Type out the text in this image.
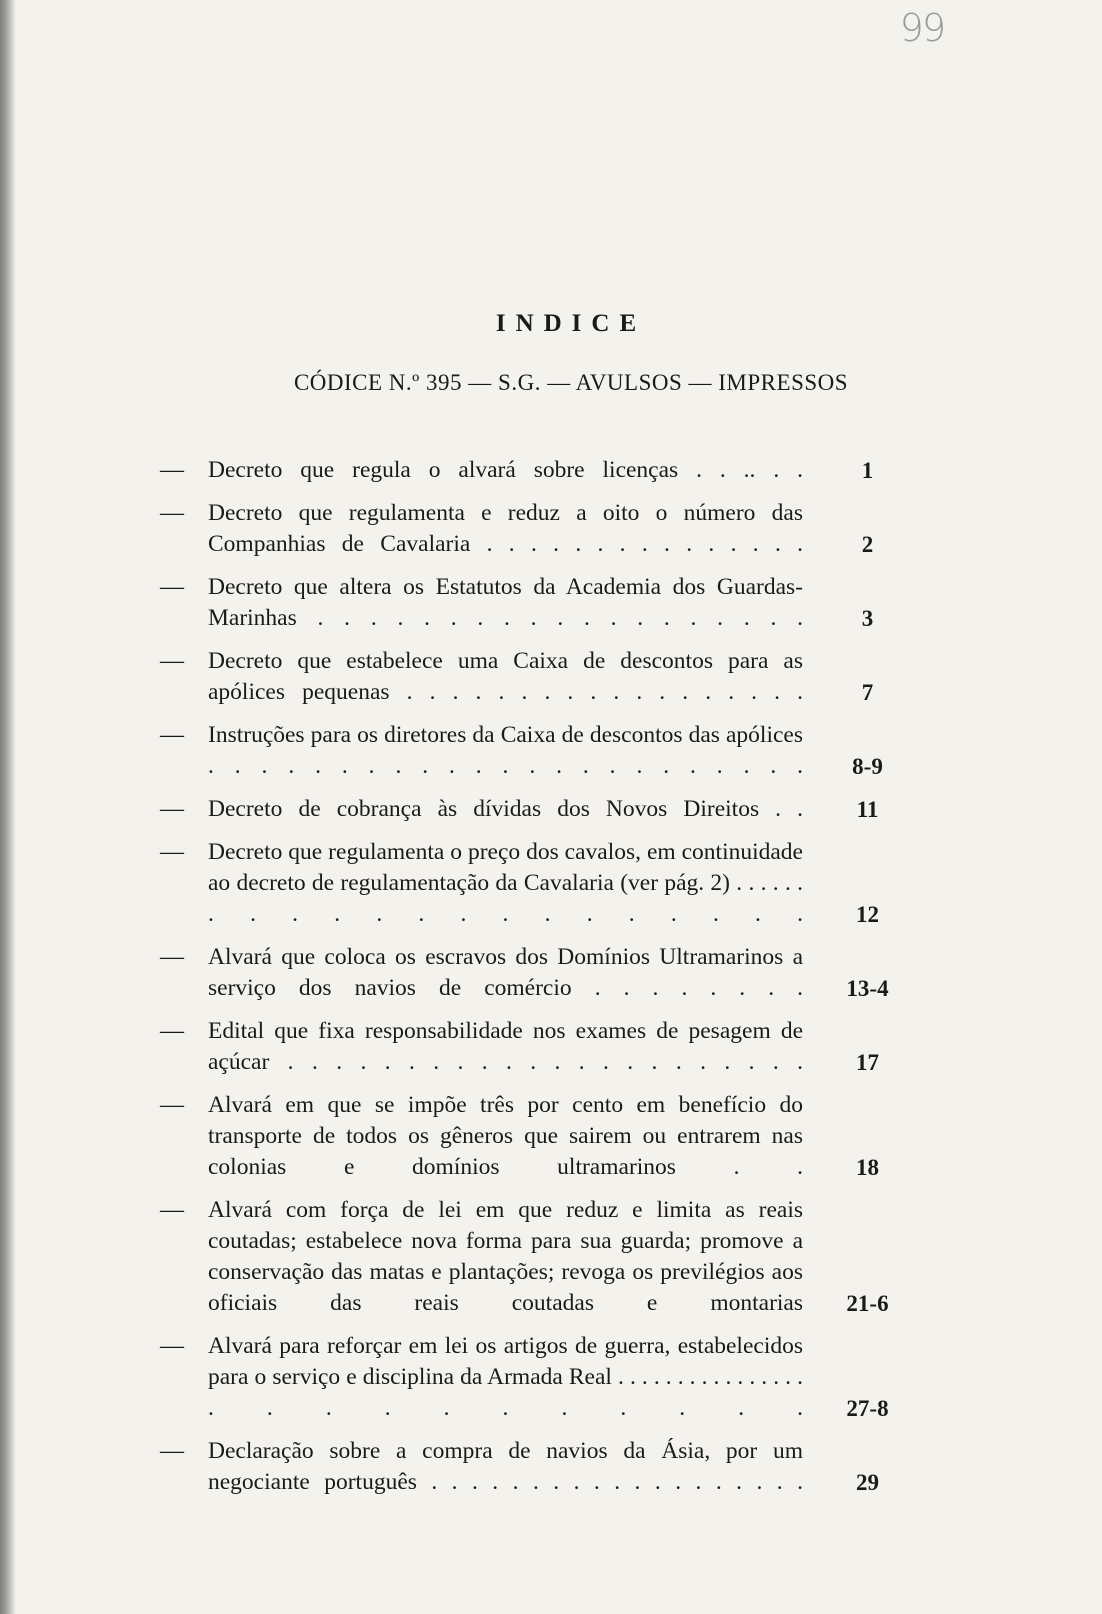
99
INDICE
CÓDICE N.º 395 — S.G. — AVULSOS — IMPRESSOS
—	Decreto que regula o alvará sobre licenças . . .. . .	1
—	Decreto que regulamenta e reduz a oito o número das Companhias de Cavalaria . . . . . . . . . . . . . . .	2
—	Decreto que altera os Estatutos da Academia dos Guardas-Marinhas . . . . . . . . . . . . . . . . . . .	3
—	Decreto que estabelece uma Caixa de descontos para as apólices pequenas . . . . . . . . . . . . . . . . . .	7
—	Instruções para os diretores da Caixa de descontos das apólices . . . . . . . . . . . . . . . . . . . . . . .	8-9
—	Decreto de cobrança às dívidas dos Novos Direitos . .	11
—	Decreto que regulamenta o preço dos cavalos, em continuidade ao decreto de regulamentação da Cavalaria (ver pág. 2) . . . . . . . . . . . . . . . . . . . . .	12
—	Alvará que coloca os escravos dos Domínios Ultramarinos a serviço dos navios de comércio . . . . . . . .	13-4
—	Edital que fixa responsabilidade nos exames de pesagem de açúcar . . . . . . . . . . . . . . . . . . . . . .	17
—	Alvará em que se impõe três por cento em benefício do transporte de todos os gêneros que sairem ou entrarem nas colonias e domínios ultramarinos . .	18
—	Alvará com força de lei em que reduz e limita as reais coutadas; estabelece nova forma para sua guarda; promove a conservação das matas e plantações; revoga os previlégios aos oficiais das reais coutadas e montarias	21-6
—	Alvará para reforçar em lei os artigos de guerra, estabelecidos para o serviço e disciplina da Armada Real . . . . . . . . . . . . . . . . . . . . . . . . . . .	27-8
—	Declaração sobre a compra de navios da Ásia, por um negociante português . . . . . . . . . . . . . . . . . . .	29
